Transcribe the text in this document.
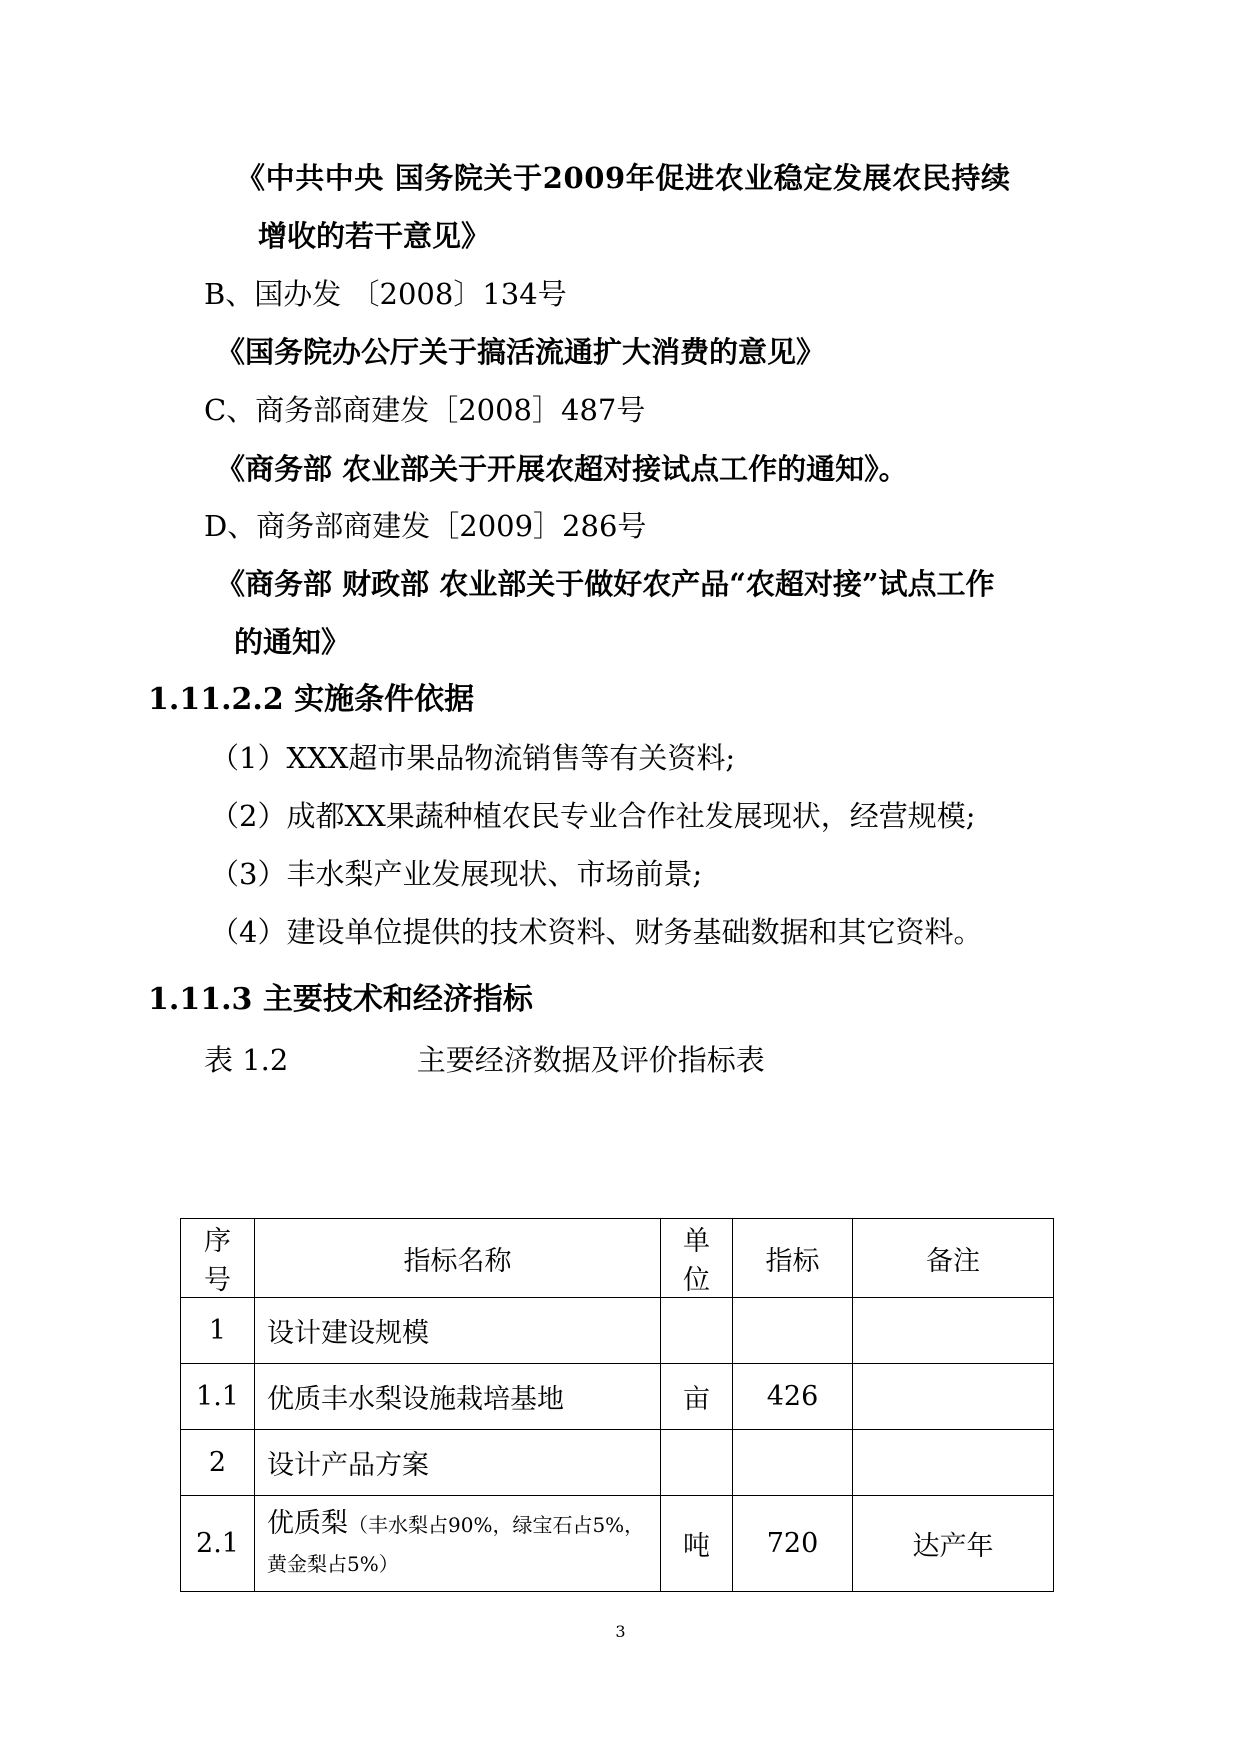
《中共中央 国务院关于2009年促进农业稳定发展农民持续
增收的若干意见》
B、国办发 〔2008〕134号
《国务院办公厅关于搞活流通扩大消费的意见》
C、商务部商建发［2008］487号
《商务部 农业部关于开展农超对接试点工作的通知》。
D、商务部商建发［2009］286号
《商务部 财政部 农业部关于做好农产品“农超对接”试点工作
的通知》
1.11.2.2 实施条件依据
（1）XXX超市果品物流销售等有关资料;
（2）成都XX果蔬种植农民专业合作社发展现状，经营规模;
（3）丰水梨产业发展现状、市场前景;
（4）建设单位提供的技术资料、财务基础数据和其它资料。
1.11.3 主要技术和经济指标
表 1.2	主要经济数据及评价指标表
序号	指标名称	单位	指标	备注
1	设计建设规模			
1.1	优质丰水梨设施栽培基地	亩	426	
2	设计产品方案			
2.1	优质梨（丰水梨占90%，绿宝石占5%，黄金梨占5%）	吨	720	达产年
3
